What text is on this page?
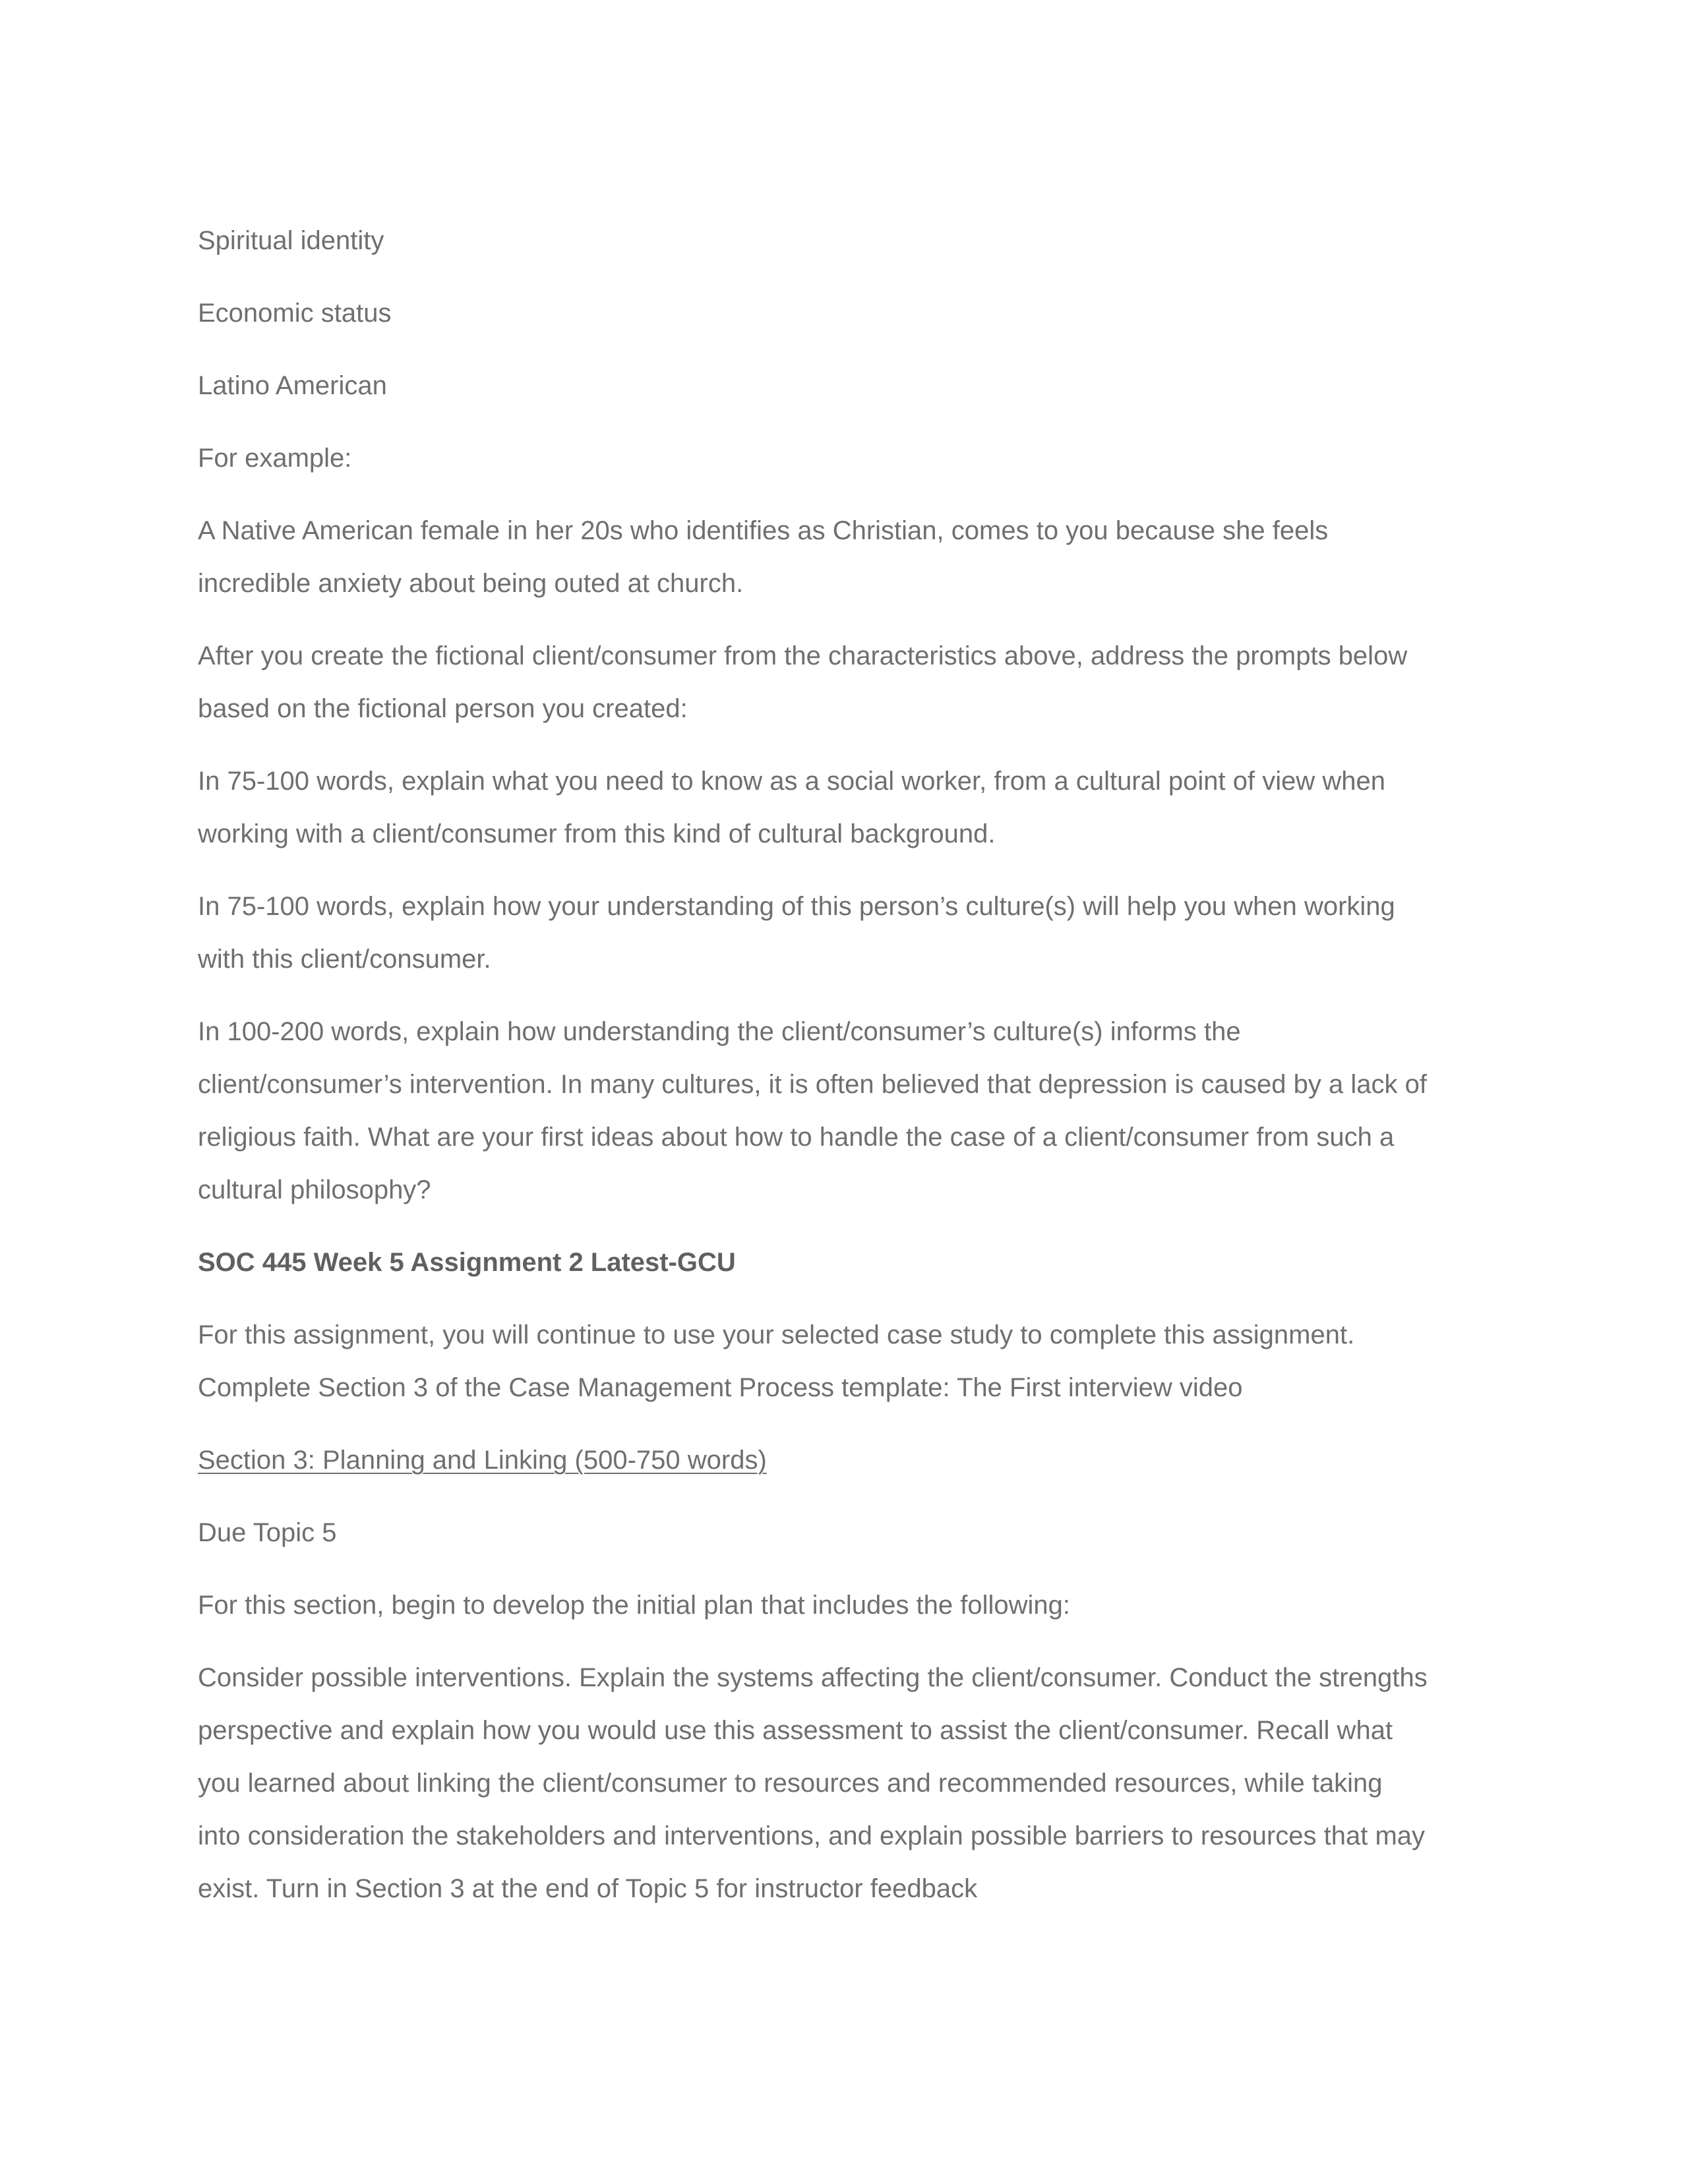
Spiritual identity

Economic status

Latino American

For example:

A Native American female in her 20s who identifies as Christian, comes to you because she feels
incredible anxiety about being outed at church.

After you create the fictional client/consumer from the characteristics above, address the prompts below
based on the fictional person you created:

In 75-100 words, explain what you need to know as a social worker, from a cultural point of view when
working with a client/consumer from this kind of cultural background.

In 75-100 words, explain how your understanding of this person’s culture(s) will help you when working
with this client/consumer.

In 100-200 words, explain how understanding the client/consumer’s culture(s) informs the
client/consumer’s intervention. In many cultures, it is often believed that depression is caused by a lack of
religious faith. What are your first ideas about how to handle the case of a client/consumer from such a
cultural philosophy?

SOC 445 Week 5 Assignment 2 Latest-GCU

For this assignment, you will continue to use your selected case study to complete this assignment.
Complete Section 3 of the Case Management Process template: The First interview video

Section 3: Planning and Linking (500-750 words)

Due Topic 5

For this section, begin to develop the initial plan that includes the following:

Consider possible interventions. Explain the systems affecting the client/consumer. Conduct the strengths
perspective and explain how you would use this assessment to assist the client/consumer. Recall what
you learned about linking the client/consumer to resources and recommended resources, while taking
into consideration the stakeholders and interventions, and explain possible barriers to resources that may
exist. Turn in Section 3 at the end of Topic 5 for instructor feedback
